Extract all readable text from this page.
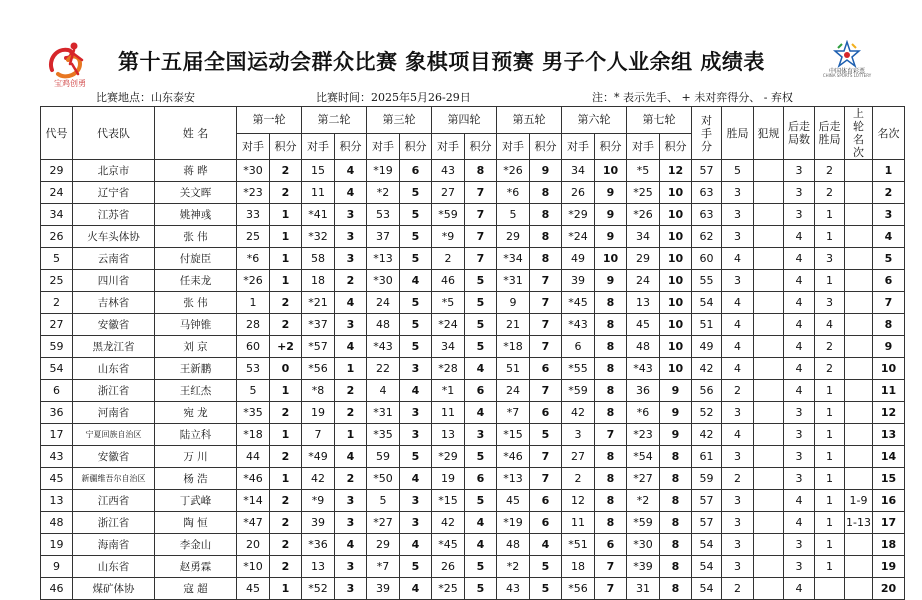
宝鸡创勇
第十五届全国运动会群众比赛 象棋项目预赛 男子个人业余组 成绩表	中国体育彩票
CHINA SPORTS LOTTERY
比赛地点：山东泰安	比赛时间：2025年5月26-29日	注：* 表示先手、 + 未对弈得分、 - 弃权
代号	代表队	姓 名	第一轮		第二轮		第三轮		第四轮		第五轮		第六轮		第七轮		对手分	胜局	犯规	后走局数	后走胜局	上轮名次	名次
			对手	积分	对手	积分	对手	积分	对手	积分	对手	积分	对手	积分	对手	积分							
29	北京市	蒋 晔	*30	2	15	4	*19	6	43	8	*26	9	34	10	*5	12	57	5		3	2		1
24	辽宁省	关文晖	*23	2	11	4	*2	5	27	7	*6	8	26	9	*25	10	63	3		3	2		2
34	江苏省	姚神彧	33	1	*41	3	53	5	*59	7	5	8	*29	9	*26	10	63	3		3	1		3
26	火车头体协	张 伟	25	1	*32	3	37	5	*9	7	29	8	*24	9	34	10	62	3		4	1		4
5	云南省	付旋臣	*6	1	58	3	*13	5	2	7	*34	8	49	10	29	10	60	4		4	3		5
25	四川省	任耒龙	*26	1	18	2	*30	4	46	5	*31	7	39	9	24	10	55	3		4	1		6
2	吉林省	张 伟	1	2	*21	4	24	5	*5	5	9	7	*45	8	13	10	54	4		4	3		7
27	安徽省	马钟锥	28	2	*37	3	48	5	*24	5	21	7	*43	8	45	10	51	4		4	4		8
59	黑龙江省	刘 京	60	+2	*57	4	*43	5	34	5	*18	7	6	8	48	10	49	4		4	2		9
54	山东省	王新鹏	53	0	*56	1	22	3	*28	4	51	6	*55	8	*43	10	42	4		4	2		10
6	浙江省	王红杰	5	1	*8	2	4	4	*1	6	24	7	*59	8	36	9	56	2		4	1		11
36	河南省	宛 龙	*35	2	19	2	*31	3	11	4	*7	6	42	8	*6	9	52	3		3	1		12
17	宁夏回族自治区	陆立科	*18	1	7	1	*35	3	13	3	*15	5	3	7	*23	9	42	4		3	1		13
43	安徽省	万 川	44	2	*49	4	59	5	*29	5	*46	7	27	8	*54	8	61	3		3	1		14
45	新疆维吾尔自治区	杨 浩	*46	1	42	2	*50	4	19	6	*13	7	2	8	*27	8	59	2		3	1		15
13	江西省	丁武峰	*14	2	*9	3	5	3	*15	5	45	6	12	8	*2	8	57	3		4	1	1-9	16
48	浙江省	陶 恒	*47	2	39	3	*27	3	42	4	*19	6	11	8	*59	8	57	3		4	1	1-13	17
19	海南省	李金山	20	2	*36	4	29	4	*45	4	48	4	*51	6	*30	8	54	3		3	1		18
9	山东省	赵勇霖	*10	2	13	3	*7	5	26	5	*2	5	18	7	*39	8	54	3		3	1		19
46	煤矿体协	寇 超	45	1	*52	3	39	4	*25	5	43	5	*56	7	31	8	54	2		4			20
